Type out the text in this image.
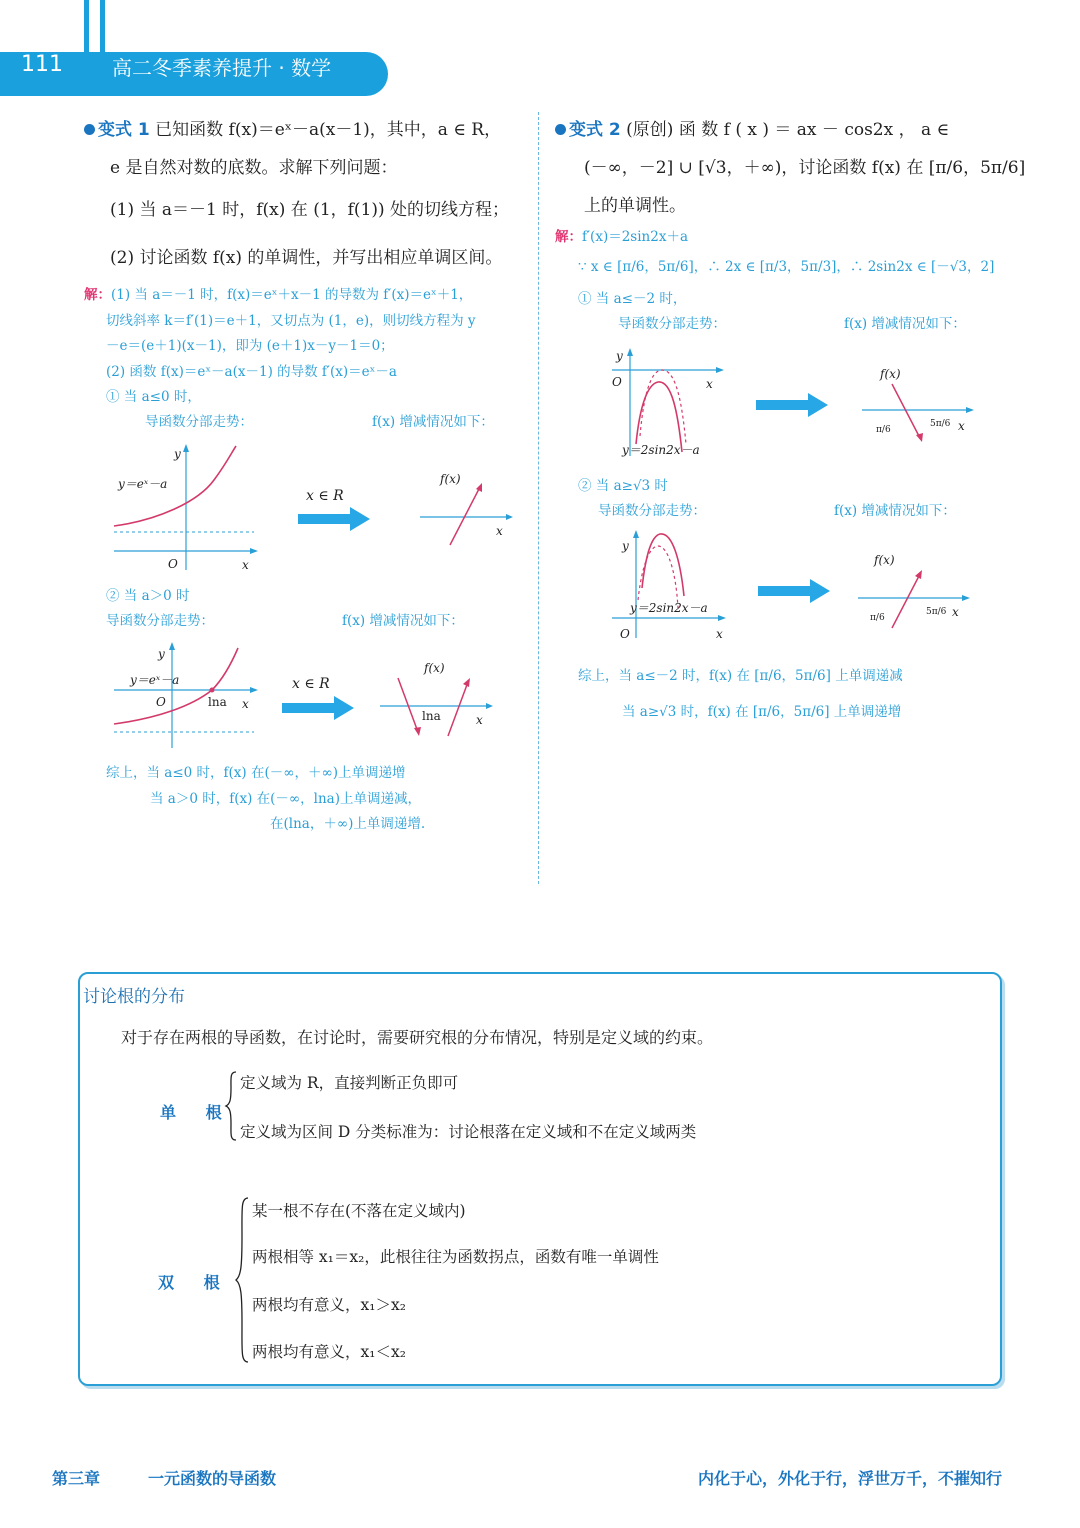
111	高二冬季素养提升 · 数学
变式 1 已知函数 f(x)＝eˣ－a(x－1)，其中，a ∈ R，
e 是自然对数的底数。求解下列问题：
(1) 当 a＝－1 时，f(x) 在 (1，f(1)) 处的切线方程；
(2) 讨论函数 f(x) 的单调性，并写出相应单调区间。
解：(1) 当 a＝－1 时，f(x)＝eˣ＋x－1 的导数为 f′(x)＝eˣ＋1，
切线斜率 k＝f′(1)＝e＋1，又切点为 (1，e)，则切线方程为 y
－e＝(e＋1)(x－1)，即为 (e＋1)x－y－1＝0；
(2) 函数 f(x)＝eˣ－a(x－1) 的导数 f′(x)＝eˣ－a
① 当 a≤0 时，
导函数分部走势：	f(x) 增减情况如下：
y
x
O
y＝eˣ－a
x ∈ R
f(x)
x
② 当 a＞0 时
导函数分部走势：	f(x) 增减情况如下：
y
x
O	lna
y＝eˣ－a	x ∈ R
f(x)
lna	x
综上，当 a≤0 时，f(x) 在(－∞，＋∞)上单调递增
当 a＞0 时，f(x) 在(－∞，lna)上单调递减，
在(lna，＋∞)上单调递增.
变式 2 (原创) 函 数 f ( x ) ＝ ax － cos2x ， a ∈
(－∞，－2] ∪ [√3，＋∞)，讨论函数 f(x) 在 [π/6，5π/6]
上的单调性。
解：f′(x)＝2sin2x＋a
∵ x ∈ [π/6，5π/6]，∴ 2x ∈ [π/3，5π/3]，∴ 2sin2x ∈ [－√3，2]
① 当 a≤－2 时，
导函数分部走势：	f(x) 增减情况如下：
y
O	x
y＝2sin2x－a
f(x)
π/6
5π/6 x
② 当 a≥√3 时
导函数分部走势：	f(x) 增减情况如下：
y
O	x
y＝2sin2x－a
f(x)
π/6
5π/6 x
综上，当 a≤－2 时，f(x) 在 [π/6，5π/6] 上单调递减
当 a≥√3 时，f(x) 在 [π/6，5π/6] 上单调递增
讨论根的分布
对于存在两根的导函数，在讨论时，需要研究根的分布情况，特别是定义域的约束。
单 根
定义域为 R，直接判断正负即可
定义域为区间 D 分类标准为：讨论根落在定义域和不在定义域两类
双 根
某一根不存在(不落在定义域内)
两根相等 x₁＝x₂，此根往往为函数拐点，函数有唯一单调性
两根均有意义，x₁＞x₂
两根均有意义，x₁＜x₂
第三章	一元函数的导函数	内化于心，外化于行，浮世万千，不摧知行
